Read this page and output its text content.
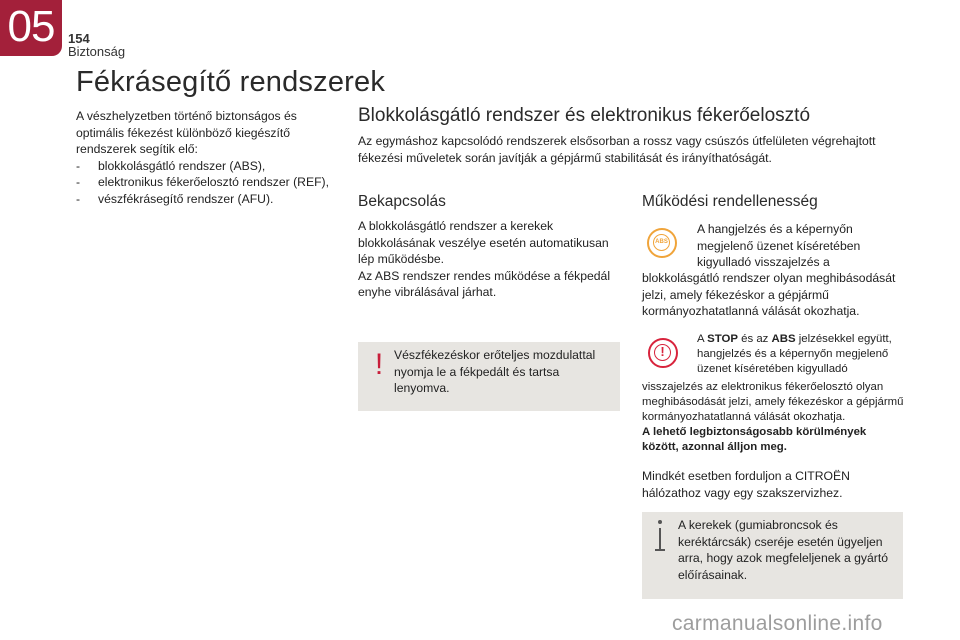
05	154
Biztonság
Fékrásegítő rendszerek
A vészhelyzetben történő biztonságos és optimális fékezést különböző kiegészítő rendszerek segítik elő:
- blokkolásgátló rendszer (ABS),
- elektronikus fékerőelosztó rendszer (REF),
- vészfékrásegítő rendszer (AFU).
Blokkolásgátló rendszer és elektronikus fékerőelosztó
Az egymáshoz kapcsolódó rendszerek elsősorban a rossz vagy csúszós útfelületen végrehajtott fékezési műveletek során javítják a gépjármű stabilitását és irányíthatóságát.
Bekapcsolás
A blokkolásgátló rendszer a kerekek blokkolásának veszélye esetén automatikusan lép működésbe.
Az ABS rendszer rendes működése a fékpedál enyhe vibrálásával járhat.
! Vészfékezéskor erőteljes mozdulattal nyomja le a fékpedált és tartsa lenyomva.
Működési rendellenesség
ABS
A hangjelzés és a képernyőn megjelenő üzenet kíséretében kigyulladó visszajelzés a
blokkolásgátló rendszer olyan meghibásodását jelzi, amely fékezéskor a gépjármű kormányozhatatlanná válását okozhatja.
!
A STOP és az ABS jelzésekkel együtt, hangjelzés és a képernyőn megjelenő üzenet kíséretében kigyulladó
visszajelzés az elektronikus fékerőelosztó olyan meghibásodását jelzi, amely fékezéskor a gépjármű kormányozhatatlanná válását okozhatja.
A lehető legbiztonságosabb körülmények között, azonnal álljon meg.
Mindkét esetben forduljon a CITROËN hálózathoz vagy egy szakszervizhez.
A kerekek (gumiabroncsok és keréktárcsák) cseréje esetén ügyeljen arra, hogy azok megfeleljenek a gyártó előírásainak.
carmanualsonline.info
